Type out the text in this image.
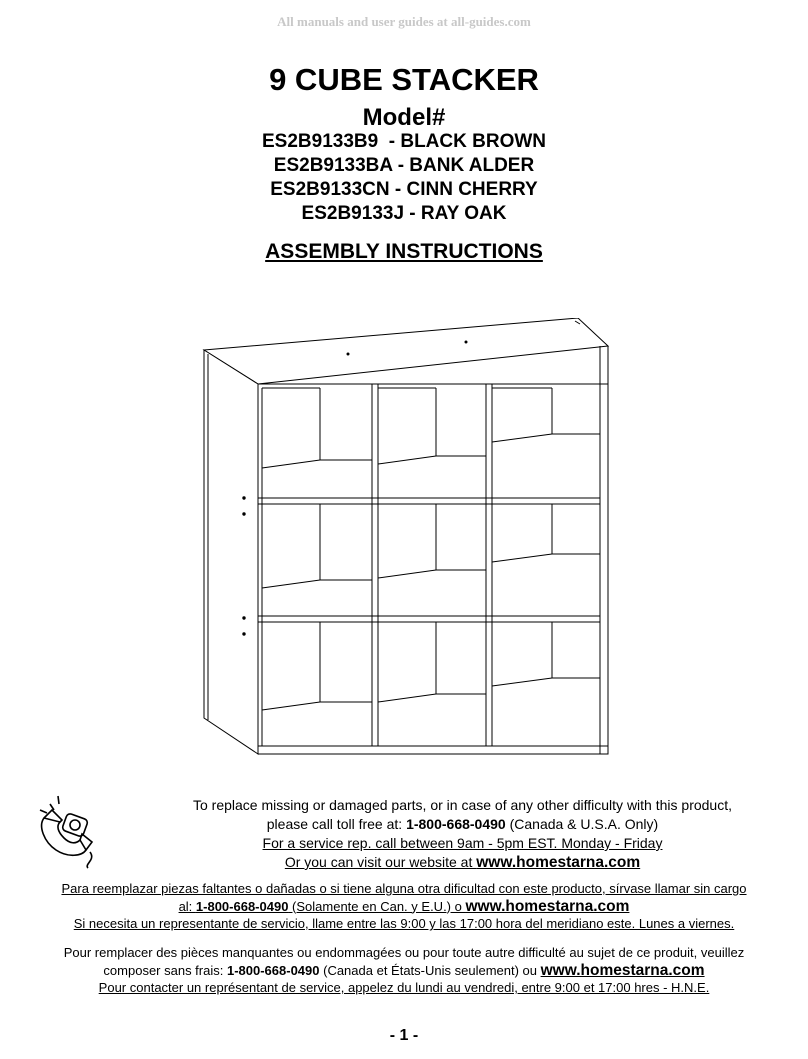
All manuals and user guides at all-guides.com
9 CUBE STACKER
Model#
ES2B9133B9  - BLACK BROWN
ES2B9133BA - BANK ALDER
ES2B9133CN - CINN CHERRY
ES2B9133J - RAY OAK
ASSEMBLY INSTRUCTIONS
To replace missing or damaged parts, or in case of any other difficulty with this product,
please call toll free at: 1-800-668-0490 (Canada & U.S.A. Only)
For a service rep. call between 9am - 5pm EST. Monday - Friday
Or you can visit our website at www.homestarna.com
Para reemplazar piezas faltantes o dañadas o si tiene alguna otra dificultad con este producto, sírvase llamar sin cargo
al: 1-800-668-0490 (Solamente en Can. y E.U.) o www.homestarna.com
Si necesita un representante de servicio, llame entre las 9:00 y las 17:00 hora del meridiano este. Lunes a viernes.
Pour remplacer des pièces manquantes ou endommagées ou pour toute autre difficulté au sujet de ce produit, veuillez
composer sans frais: 1-800-668-0490 (Canada et États-Unis seulement) ou www.homestarna.com
Pour contacter un représentant de service, appelez du lundi au vendredi, entre 9:00 et 17:00 hres - H.N.E.
- 1 -
